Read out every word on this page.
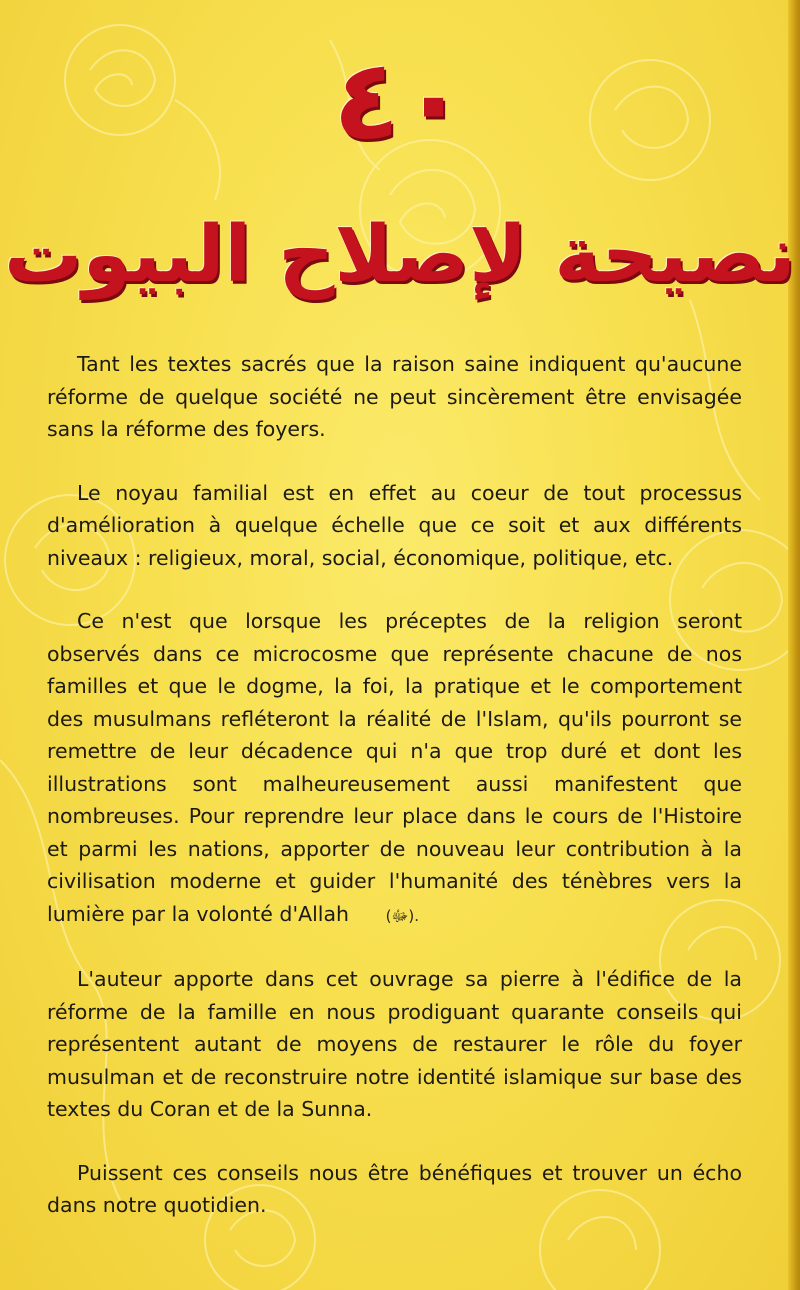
٤٠
نصيحة لإصلاح البيوت

Tant les textes sacrés que la raison saine indiquent qu'aucune réforme de quelque société ne peut sincèrement être envisagée sans la réforme des foyers.

Le noyau familial est en effet au coeur de tout processus d'amélioration à quelque échelle que ce soit et aux différents niveaux : religieux, moral, social, économique, politique, etc.

Ce n'est que lorsque les préceptes de la religion seront observés dans ce microcosme que représente chacune de nos familles et que le dogme, la foi, la pratique et le comportement des musulmans refléteront la réalité de l'Islam, qu'ils pourront se remettre de leur décadence qui n'a que trop duré et dont les illustrations sont malheureusement aussi manifestent que nombreuses. Pour reprendre leur place dans le cours de l'Histoire et parmi les nations, apporter de nouveau leur contribution à la civilisation moderne et guider l'humanité des ténèbres vers la lumière par la volonté d'Allah (ﷻ).

L'auteur apporte dans cet ouvrage sa pierre à l'édifice de la réforme de la famille en nous prodiguant quarante conseils qui représentent autant de moyens de restaurer le rôle du foyer musulman et de reconstruire notre identité islamique sur base des textes du Coran et de la Sunna.

Puissent ces conseils nous être bénéfiques et trouver un écho dans notre quotidien.
